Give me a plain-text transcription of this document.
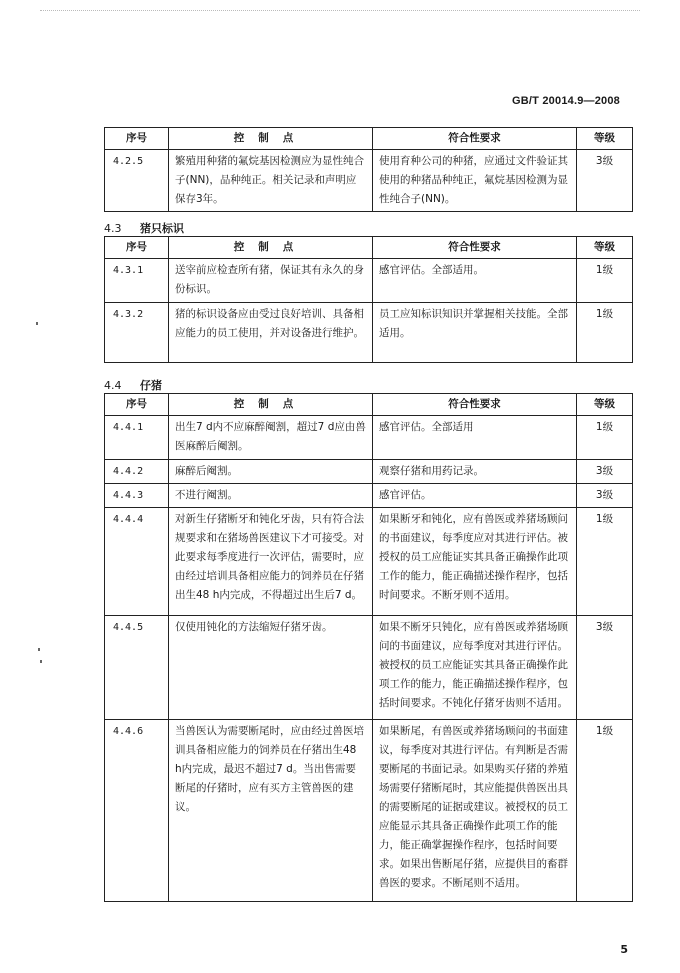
GB/T 20014.9—2008
序号	控制点	符合性要求	等级
4.2.5	繁殖用种猪的氟烷基因检测应为显性纯合子(NN)，品种纯正。相关记录和声明应保存3年。	使用育种公司的种猪，应通过文件验证其使用的种猪品种纯正，氟烷基因检测为显性纯合子(NN)。	3级
4.3 猪只标识
序号	控制点	符合性要求	等级
4.3.1	送宰前应检查所有猪，保证其有永久的身份标识。	感官评估。全部适用。	1级
4.3.2	猪的标识设备应由受过良好培训、具备相应能力的员工使用，并对设备进行维护。	员工应知标识知识并掌握相关技能。全部适用。	1级
4.4 仔猪
序号	控制点	符合性要求	等级
4.4.1	出生7 d内不应麻醉阉割，超过7 d应由兽医麻醉后阉割。	感官评估。全部适用	1级
4.4.2	麻醉后阉割。	观察仔猪和用药记录。	3级
4.4.3	不进行阉割。	感官评估。	3级
4.4.4	对新生仔猪断牙和钝化牙齿，只有符合法规要求和在猪场兽医建议下才可接受。对此要求每季度进行一次评估，需要时，应由经过培训具备相应能力的饲养员在仔猪出生48 h内完成，不得超过出生后7 d。	如果断牙和钝化，应有兽医或养猪场顾问的书面建议，每季度应对其进行评估。被授权的员工应能证实其具备正确操作此项工作的能力，能正确描述操作程序，包括时间要求。不断牙则不适用。	1级
4.4.5	仅使用钝化的方法缩短仔猪牙齿。	如果不断牙只钝化，应有兽医或养猪场顾问的书面建议，应每季度对其进行评估。被授权的员工应能证实其具备正确操作此项工作的能力，能正确描述操作程序，包括时间要求。不钝化仔猪牙齿则不适用。	3级
4.4.6	当兽医认为需要断尾时，应由经过兽医培训具备相应能力的饲养员在仔猪出生48 h内完成，最迟不超过7 d。当出售需要断尾的仔猪时，应有买方主管兽医的建议。	如果断尾，有兽医或养猪场顾问的书面建议，每季度对其进行评估。有判断是否需要断尾的书面记录。如果购买仔猪的养殖场需要仔猪断尾时，其应能提供兽医出具的需要断尾的证据或建议。被授权的员工应能显示其具备正确操作此项工作的能力，能正确掌握操作程序，包括时间要求。如果出售断尾仔猪，应提供目的畜群兽医的要求。不断尾则不适用。	1级
5
